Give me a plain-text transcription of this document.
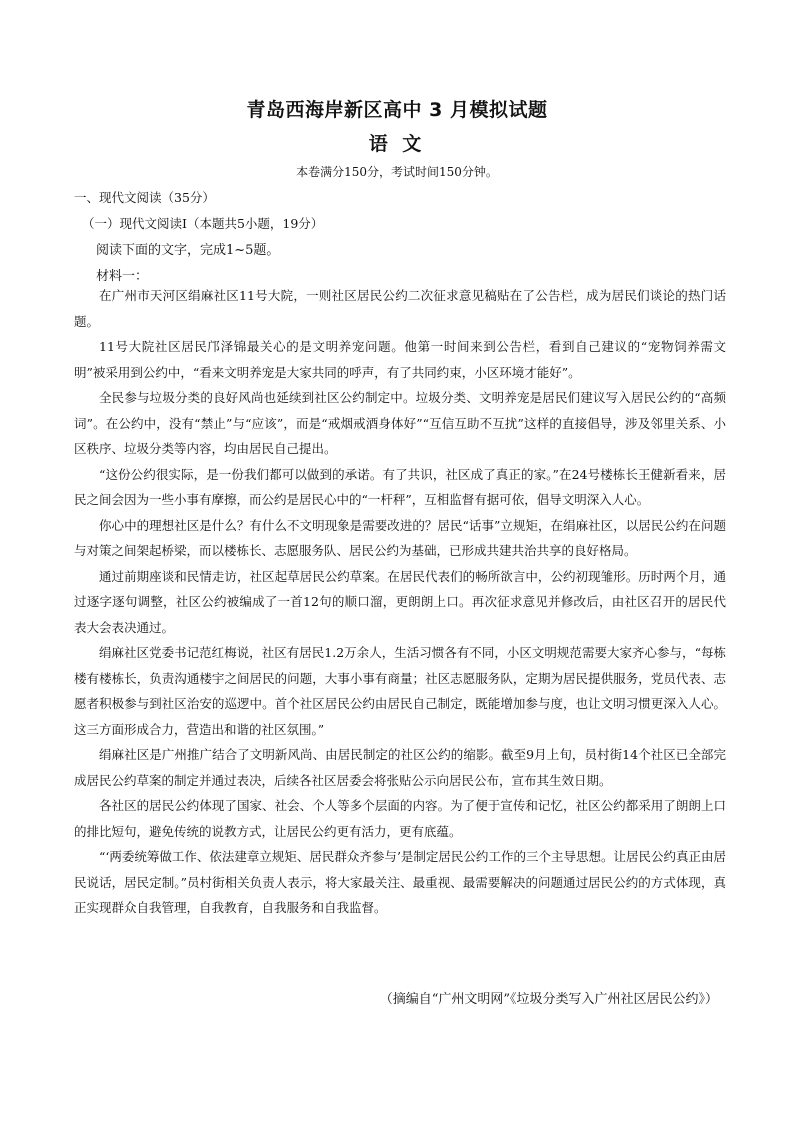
青岛西海岸新区高中 3 月模拟试题
语 文
本卷满分150分，考试时间150分钟。
一、现代文阅读（35分）
（一）现代文阅读Ⅰ（本题共5小题，19分）
阅读下面的文字，完成1~5题。
材料一：

在广州市天河区绢麻社区11号大院，一则社区居民公约二次征求意见稿贴在了公告栏，成为居民们谈论的热门话题。

11号大院社区居民邝泽锦最关心的是文明养宠问题。他第一时间来到公告栏，看到自己建议的“宠物饲养需文明”被采用到公约中，“看来文明养宠是大家共同的呼声，有了共同约束，小区环境才能好”。

全民参与垃圾分类的良好风尚也延续到社区公约制定中。垃圾分类、文明养宠是居民们建议写入居民公约的“高频词”。在公约中，没有“禁止”与“应该”，而是“戒烟戒酒身体好”“互信互助不互扰”这样的直接倡导，涉及邻里关系、小区秩序、垃圾分类等内容，均由居民自己提出。

“这份公约很实际，是一份我们都可以做到的承诺。有了共识，社区成了真正的家。”在24号楼栋长王健新看来，居民之间会因为一些小事有摩擦，而公约是居民心中的“一杆秤”，互相监督有据可依，倡导文明深入人心。

你心中的理想社区是什么？有什么不文明现象是需要改进的？居民“话事”立规矩，在绢麻社区，以居民公约在问题与对策之间架起桥梁，而以楼栋长、志愿服务队、居民公约为基础，已形成共建共治共享的良好格局。

通过前期座谈和民情走访，社区起草居民公约草案。在居民代表们的畅所欲言中，公约初现雏形。历时两个月，通过逐字逐句调整，社区公约被编成了一首12句的顺口溜，更朗朗上口。再次征求意见并修改后，由社区召开的居民代表大会表决通过。

绢麻社区党委书记范红梅说，社区有居民1.2万余人，生活习惯各有不同，小区文明规范需要大家齐心参与，“每栋楼有楼栋长，负责沟通楼宇之间居民的问题，大事小事有商量；社区志愿服务队，定期为居民提供服务，党员代表、志愿者积极参与到社区治安的巡逻中。首个社区居民公约由居民自己制定，既能增加参与度，也让文明习惯更深入人心。这三方面形成合力，营造出和谐的社区氛围。”

绢麻社区是广州推广结合了文明新风尚、由居民制定的社区公约的缩影。截至9月上旬，员村街14个社区已全部完成居民公约草案的制定并通过表决，后续各社区居委会将张贴公示向居民公布，宣布其生效日期。

各社区的居民公约体现了国家、社会、个人等多个层面的内容。为了便于宣传和记忆，社区公约都采用了朗朗上口的排比短句，避免传统的说教方式，让居民公约更有活力，更有底蕴。

“‘两委统筹做工作、依法建章立规矩、居民群众齐参与’是制定居民公约工作的三个主导思想。让居民公约真正由居民说话，居民定制。”员村街相关负责人表示，将大家最关注、最重视、最需要解决的问题通过居民公约的方式体现，真正实现群众自我管理，自我教育，自我服务和自我监督。

（摘编自“广州文明网”《垃圾分类写入广州社区居民公约》）
